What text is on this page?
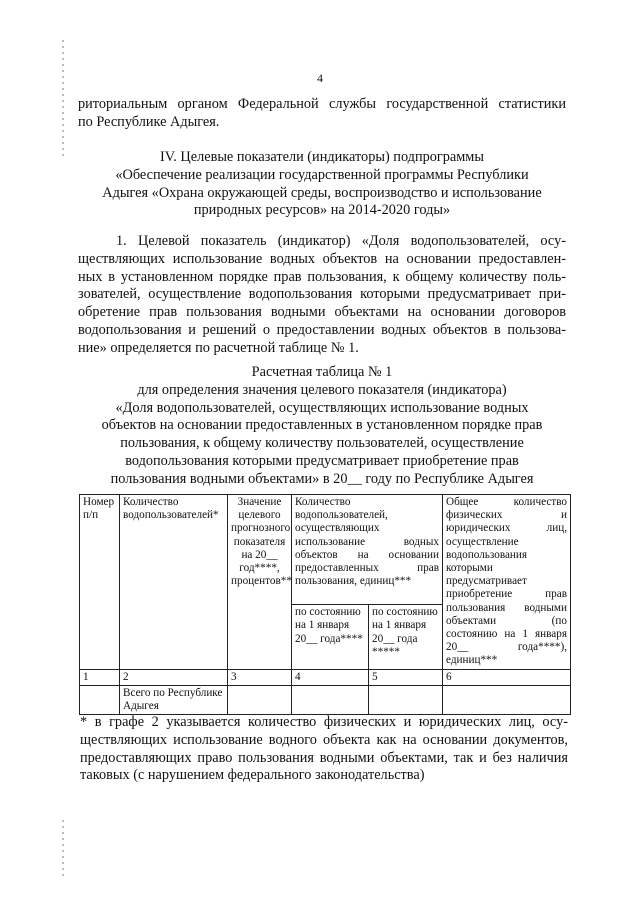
4
риториальным органом Федеральной службы государственной статистики
по Республике Адыгея.
IV. Целевые показатели (индикаторы) подпрограммы
«Обеспечение реализации государственной программы Республики
Адыгея «Охрана окружающей среды, воспроизводство и использование
природных ресурсов» на 2014-2020 годы»
1. Целевой показатель (индикатор) «Доля водопользователей, осу-
ществляющих использование водных объектов на основании предоставлен-
ных в установленном порядке прав пользования, к общему количеству поль-
зователей, осуществление водопользования которыми предусматривает при-
обретение прав пользования водными объектами на основании договоров
водопользования и решений о предоставлении водных объектов в пользова-
ние» определяется по расчетной таблице № 1.
Расчетная таблица № 1
для определения значения целевого показателя (индикатора)
«Доля водопользователей, осуществляющих использование водных
объектов на основании предоставленных в установленном порядке прав
пользования, к общему количеству пользователей, осуществление
водопользования которыми предусматривает приобретение прав
пользования водными объектами» в 20__ году по Республике Адыгея
Номер п/п	Количество водопользователей*	Значение целевого прогнозного показателя на 20__ год****, процентов**	Количество водопользователей, осуществляющих использование водных объектов на основании предоставленных прав пользования, единиц***		Общее количество физических и юридических лиц, осуществление водопользования которыми предусматривает приобретение прав пользования водными объектами (по состоянию на 1 января 20__ года****), единиц***
			по состоянию на 1 января 20__ года****	по состоянию на 1 января 20__ года *****	
1	2	3	4	5	6
	Всего по Республике Адыгея				
* в графе 2 указывается количество физических и юридических лиц, осу-
ществляющих использование водного объекта как на основании документов,
предоставляющих право пользования водными объектами, так и без наличия
таковых (с нарушением федерального законодательства)
